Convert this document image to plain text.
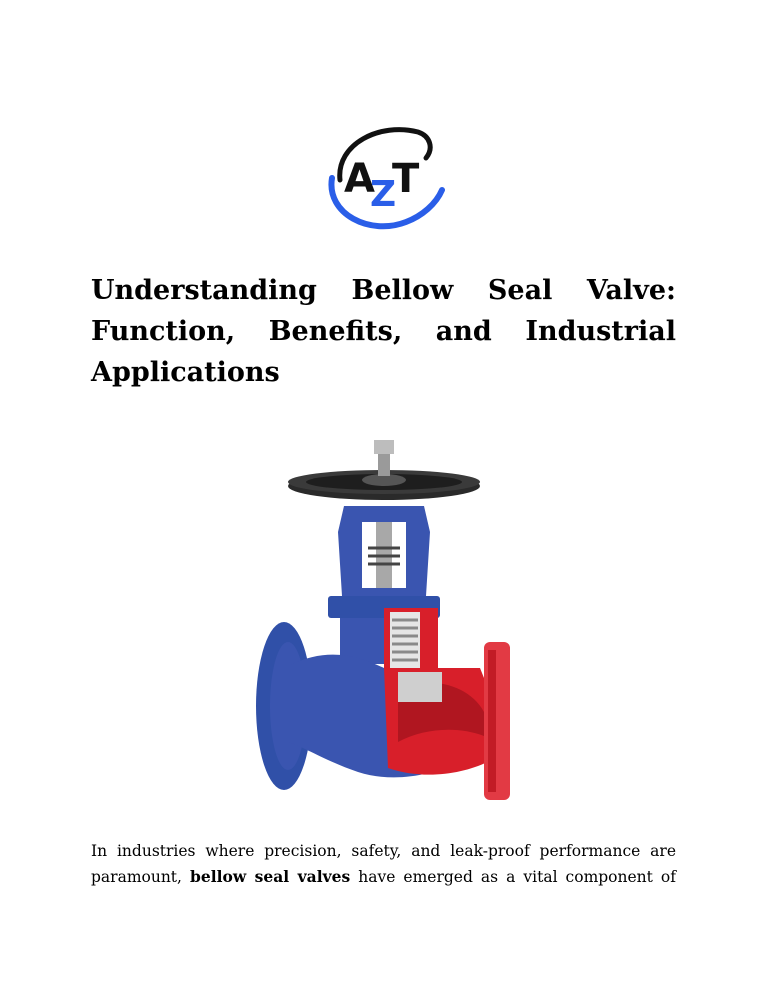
A
Z
T
Understanding Bellow Seal Valve:
Function, Benefits, and Industrial
Applications

In industries where precision, safety, and leak-proof performance are
paramount, bellow seal valves have emerged as a vital component of
